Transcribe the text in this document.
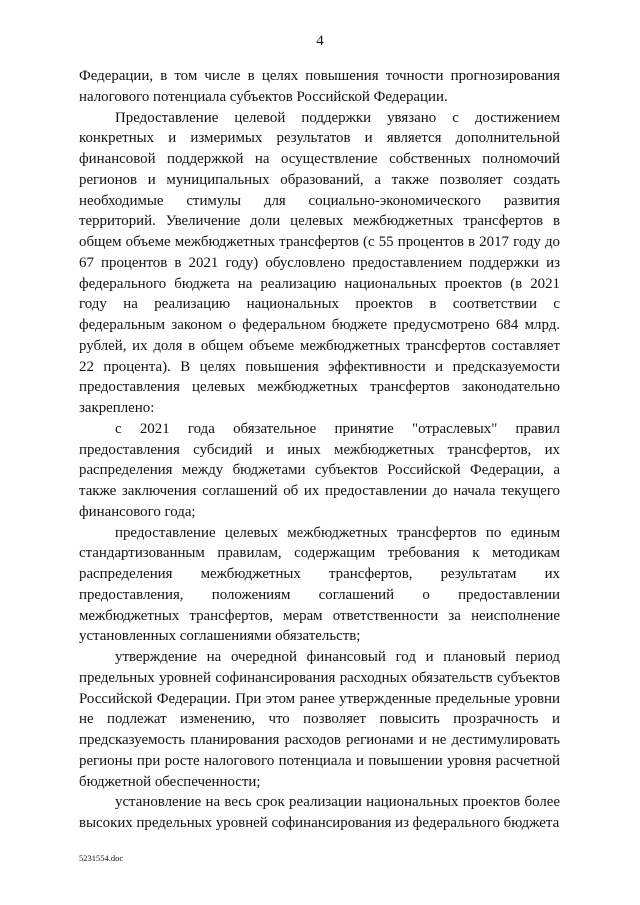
4

Федерации, в том числе в целях повышения точности прогнозирования налогового потенциала субъектов Российской Федерации.

Предоставление целевой поддержки увязано с достижением конкретных и измеримых результатов и является дополнительной финансовой поддержкой на осуществление собственных полномочий регионов и муниципальных образований, а также позволяет создать необходимые стимулы для социально-экономического развития территорий. Увеличение доли целевых межбюджетных трансфертов в общем объеме межбюджетных трансфертов (с 55 процентов в 2017 году до 67 процентов в 2021 году) обусловлено предоставлением поддержки из федерального бюджета на реализацию национальных проектов (в 2021 году на реализацию национальных проектов в соответствии с федеральным законом о федеральном бюджете предусмотрено 684 млрд. рублей, их доля в общем объеме межбюджетных трансфертов составляет 22 процента). В целях повышения эффективности и предсказуемости предоставления целевых межбюджетных трансфертов законодательно закреплено:

с 2021 года обязательное принятие "отраслевых" правил предоставления субсидий и иных межбюджетных трансфертов, их распределения между бюджетами субъектов Российской Федерации, а также заключения соглашений об их предоставлении до начала текущего финансового года;

предоставление целевых межбюджетных трансфертов по единым стандартизованным правилам, содержащим требования к методикам распределения межбюджетных трансфертов, результатам их предоставления, положениям соглашений о предоставлении межбюджетных трансфертов, мерам ответственности за неисполнение установленных соглашениями обязательств;

утверждение на очередной финансовый год и плановый период предельных уровней софинансирования расходных обязательств субъектов Российской Федерации. При этом ранее утвержденные предельные уровни не подлежат изменению, что позволяет повысить прозрачность и предсказуемость планирования расходов регионами и не дестимулировать регионы при росте налогового потенциала и повышении уровня расчетной бюджетной обеспеченности;

установление на весь срок реализации национальных проектов более высоких предельных уровней софинансирования из федерального бюджета

5231554.doc
